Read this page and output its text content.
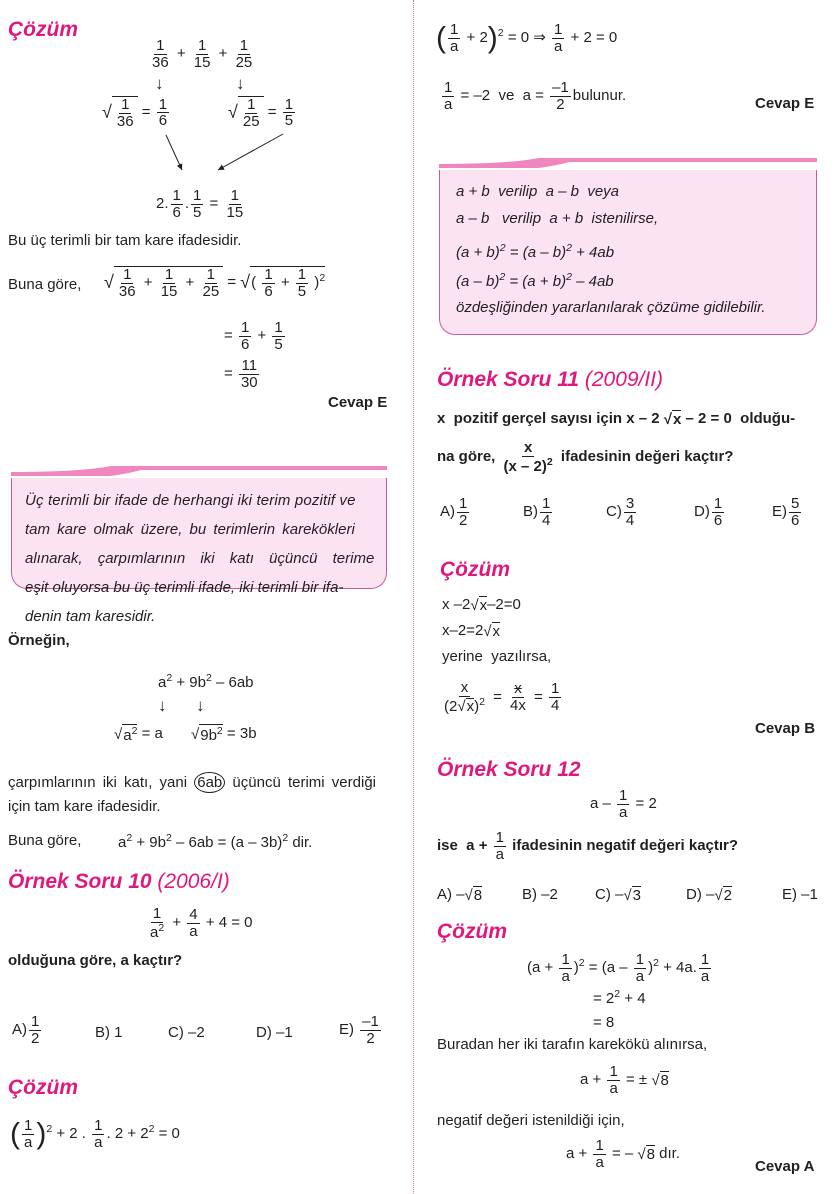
Çözüm
$\frac{1}{36} + \frac{1}{15} + \frac{1}{25}$
↓	↓
√ $\frac{1}{36} = \frac{1}{6}$	√ $\frac{1}{25} = \frac{1}{5}$
2. $\frac{1}{6}$ . $\frac{1}{5} = \frac{1}{15}$
Bu üç terimli bir tam kare ifadesidir.
Buna göre, √ $\frac{1}{36} + \frac{1}{15} + \frac{1}{25}$ = √ ( $\frac{1}{6} + \frac{1}{5} )^2$
= $\frac{1}{6} + \frac{1}{5}$
= $\frac{11}{30}$
Cevap E
Üç terimli bir ifade de herhangi iki terim pozitif ve
tam kare olmak üzere, bu terimlerin karekökleri
alınarak, çarpımlarının iki katı üçüncü terime
eşit oluyorsa bu üç terimli ifade, iki terimli bir ifa-
denin tam karesidir.
Örneğin,
$a^2 + 9b^2 - 6ab$
↓ ↓
√ $a^2 = a$ √ $9b^2 = 3b$
çarpımlarının iki katı, yani 6ab üçüncü terimi verdiği
için tam kare ifadesidir.
Buna göre, $a^2 + 9b^2 - 6ab = (a - 3b)^2$ dir.
Örnek Soru 10 (2006/I)
$\frac{1}{a^2} + \frac{4}{a} + 4 = 0$
olduğuna göre, a kaçtır?
$A) \frac{1}{2}$	B) 1	C) –2	D) –1	$E) \frac{-1}{2}$
Çözüm
( $\frac{1}{a} )^2 + 2$ . $\frac{1}{a}$ . $2 + 2^2 = 0$
( $\frac{1}{a} + 2)^2 = 0$ ⇒ $\frac{1}{a} + 2 = 0$
$\frac{1}{a} = -2$  ve  $a = \frac{-1}{2}$ bulunur.	Cevap E
a + b  verilip  a – b  veya
a – b   verilip  a + b  istenilirse,
$(a + b)^2 = (a - b)^2 + 4ab$
$(a - b)^2 = (a + b)^2 - 4ab$
özdeşliğinden yararlanılarak çözüme gidilebilir.
Örnek Soru 11 (2009/II)
x  pozitif gerçel sayısı için x – 2 √ x – 2 = 0  olduğu-
na göre, $\frac{x}{(x - 2)^2}$ ifadesinin değeri kaçtır?
$A) \frac{1}{2}$	$B) \frac{1}{4}$	$C) \frac{3}{4}$	$D) \frac{1}{6}$	$E) \frac{5}{6}$
Çözüm
x –2 √ x –2=0
x–2=2 √ x
yerine  yazılırsa,
$\frac{x}{(2 √ x )^2} = \frac{x}{4x} = \frac{1}{4}$
Cevap B
Örnek Soru 12
$a - \frac{1}{a} = 2$
ise  $a + \frac{1}{a}$ ifadesinin negatif değeri kaçtır?
A) – √ 8	B) –2 C) – √ 3	D) – √ 2	E) –1
Çözüm
$(a + \frac{1}{a} )^2 = (a - \frac{1}{a} )^2 + 4a$. $\frac{1}{a}$
= $2^2 + 4$
= 8
Buradan her iki tarafın karekökü alınırsa,
$a + \frac{1}{a}$ = ± √ 8
negatif değeri istenildiği için,
$a + \frac{1}{a}$ = – √ 8 dır.
Cevap A
